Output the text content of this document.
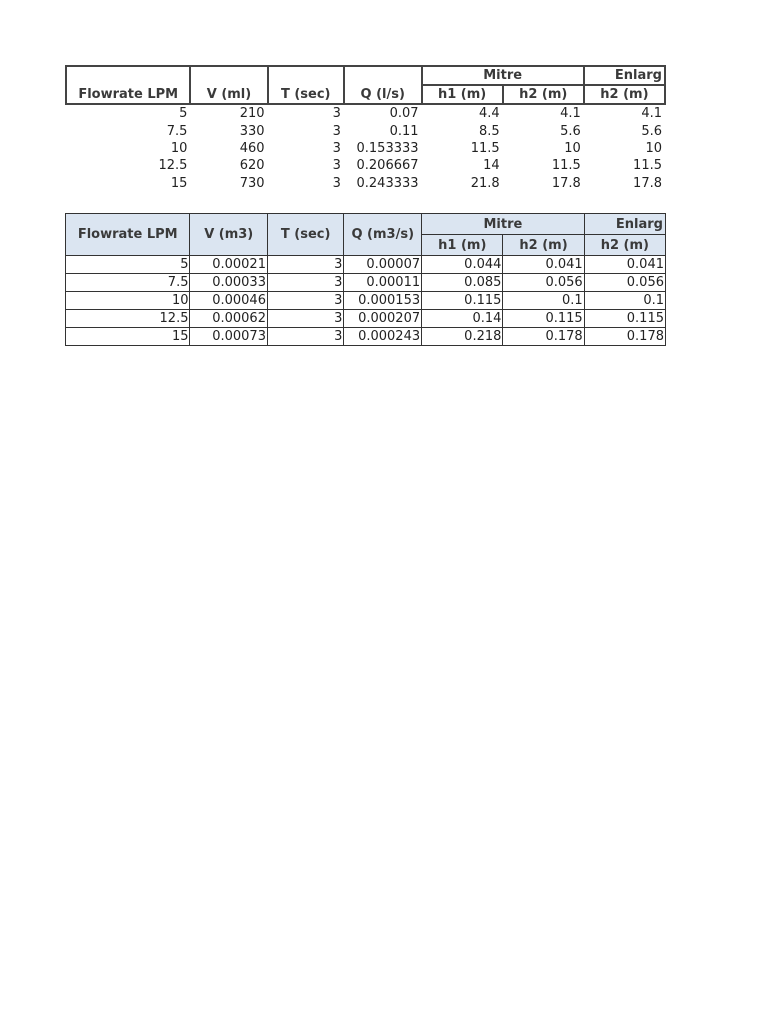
Flowrate LPM	V (ml)	T (sec)	Q (l/s)	Mitre		Enlarg
				h1 (m)	h2 (m)	h2 (m)
5	210	3	0.07	4.4	4.1	4.1
7.5	330	3	0.11	8.5	5.6	5.6
10	460	3	0.153333	11.5	10	10
12.5	620	3	0.206667	14	11.5	11.5
15	730	3	0.243333	21.8	17.8	17.8
Flowrate LPM	V (m3)	T (sec)	Q (m3/s)	Mitre		Enlarg
				h1 (m)	h2 (m)	h2 (m)
5	0.00021	3	0.00007	0.044	0.041	0.041
7.5	0.00033	3	0.00011	0.085	0.056	0.056
10	0.00046	3	0.000153	0.115	0.1	0.1
12.5	0.00062	3	0.000207	0.14	0.115	0.115
15	0.00073	3	0.000243	0.218	0.178	0.178
